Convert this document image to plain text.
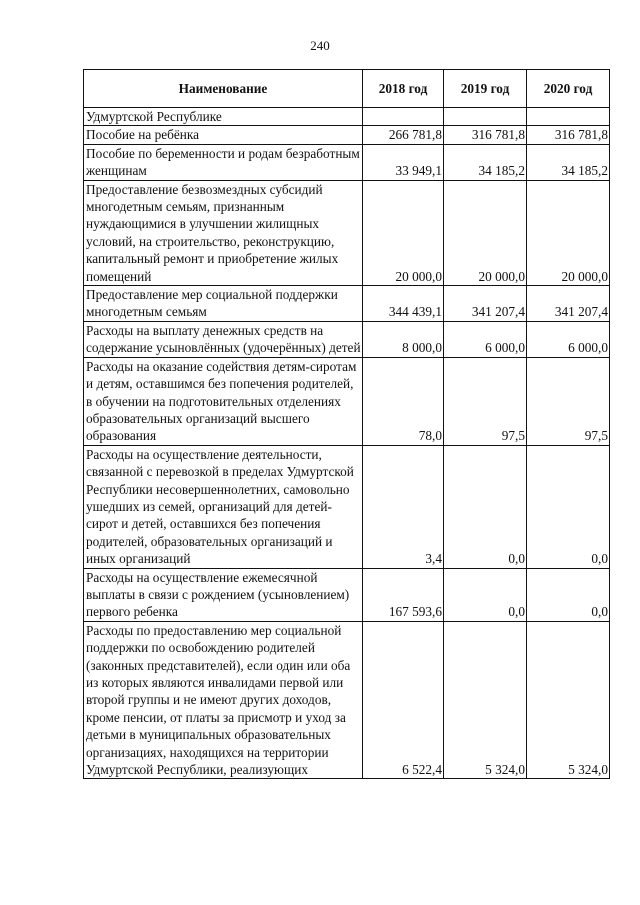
240
Наименование	2018 год	2019 год	2020 год
Удмуртской Республике			
Пособие на ребёнка	266 781,8	316 781,8	316 781,8
Пособие по беременности и родам безработным женщинам	33 949,1	34 185,2	34 185,2
Предоставление безвозмездных субсидий многодетным семьям, признанным нуждающимися в улучшении жилищных условий, на строительство, реконструкцию, капитальный ремонт и приобретение жилых помещений	20 000,0	20 000,0	20 000,0
Предоставление мер социальной поддержки многодетным семьям	344 439,1	341 207,4	341 207,4
Расходы на выплату денежных средств на содержание усыновлённых (удочерённых) детей	8 000,0	6 000,0	6 000,0
Расходы на оказание содействия детям-сиротам и детям, оставшимся без попечения родителей, в обучении на подготовительных отделениях образовательных организаций высшего образования	78,0	97,5	97,5
Расходы на осуществление деятельности, связанной с перевозкой в пределах Удмуртской Республики несовершеннолетних, самовольно ушедших из семей, организаций для детей-сирот и детей, оставшихся без попечения родителей, образовательных организаций и иных организаций	3,4	0,0	0,0
Расходы на осуществление ежемесячной выплаты в связи с рождением (усыновлением) первого ребенка	167 593,6	0,0	0,0
Расходы по предоставлению мер социальной поддержки по освобождению родителей (законных представителей), если один или оба из которых являются инвалидами первой или второй группы и не имеют других доходов, кроме пенсии, от платы за присмотр и уход за детьми в муниципальных образовательных организациях, находящихся на территории Удмуртской Республики, реализующих	6 522,4	5 324,0	5 324,0
